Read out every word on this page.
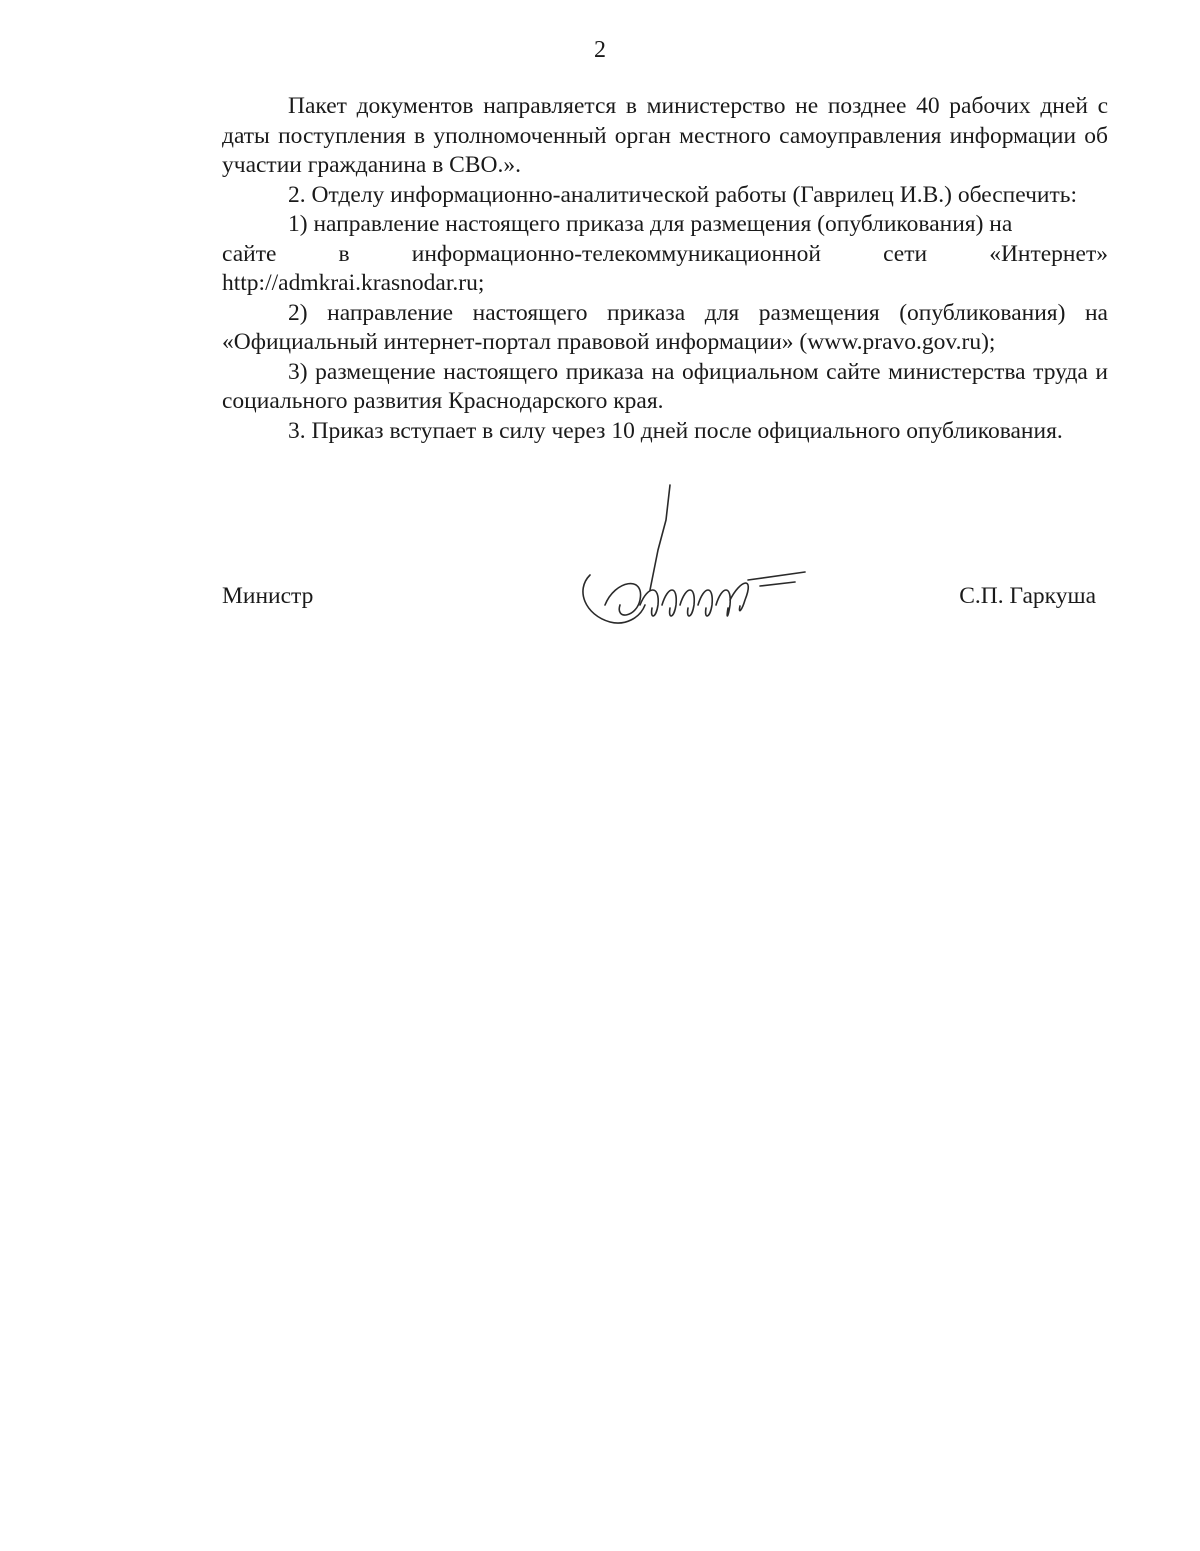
2

Пакет документов направляется в министерство не позднее 40 рабочих дней с даты поступления в уполномоченный орган местного самоуправления информации об участии гражданина в СВО.».

2. Отделу информационно-аналитической работы (Гаврилец И.В.) обеспечить:

1) направление настоящего приказа для размещения (опубликования) на

сайте	в	информационно-телекоммуникационной	сети	«Интернет»
http://admkrai.krasnodar.ru;

2) направление настоящего приказа для размещения (опубликования) на «Официальный интернет-портал правовой информации» (www.pravo.gov.ru);

3) размещение настоящего приказа на официальном сайте министерства труда и социального развития Краснодарского края.

3. Приказ вступает в силу через 10 дней после официального опубликования.

Министр	С.П. Гаркуша
